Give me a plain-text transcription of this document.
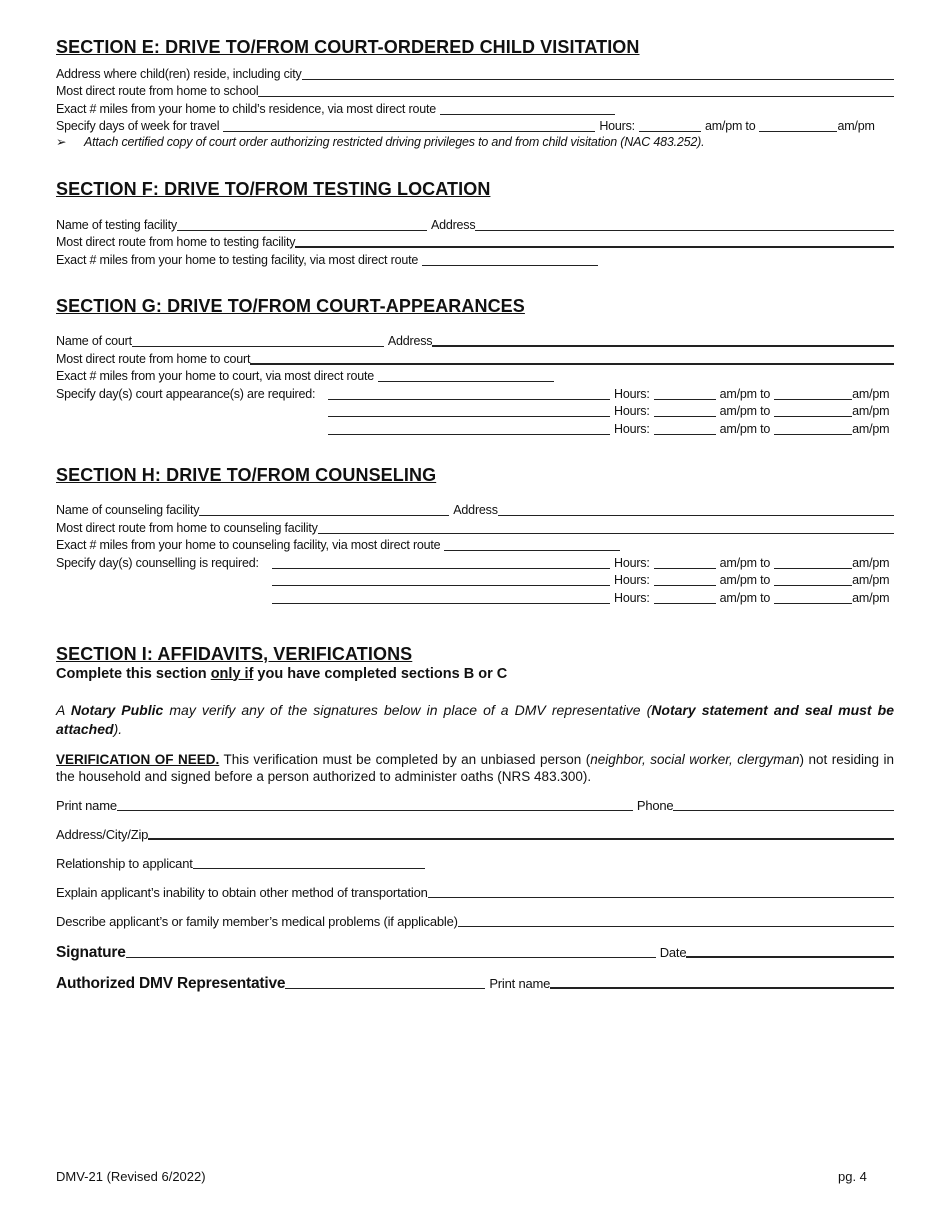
SECTION E: DRIVE TO/FROM COURT-ORDERED CHILD VISITATION
Address where child(ren) reside, including city
Most direct route from home to school
Exact # miles from your home to child’s residence, via most direct route
Specify days of week for travel	Hours:	am/pm to	am/pm
➢	Attach certified copy of court order authorizing restricted driving privileges to and from child visitation (NAC 483.252).
SECTION F: DRIVE TO/FROM TESTING LOCATION
Name of testing facility	Address
Most direct route from home to testing facility
Exact # miles from your home to testing facility, via most direct route
SECTION G: DRIVE TO/FROM COURT-APPEARANCES
Name of court	Address
Most direct route from home to court
Exact # miles from your home to court, via most direct route
Specify day(s) court appearance(s) are required:	Hours:	am/pm to	am/pm
Hours:	am/pm to	am/pm
Hours:	am/pm to	am/pm
SECTION H: DRIVE TO/FROM COUNSELING
Name of counseling facility	Address
Most direct route from home to counseling facility
Exact # miles from your home to counseling facility, via most direct route
Specify day(s) counselling is required:	Hours:	am/pm to	am/pm
Hours:	am/pm to	am/pm
Hours:	am/pm to	am/pm
SECTION I: AFFIDAVITS, VERIFICATIONS
Complete this section only if you have completed sections B or C
A Notary Public may verify any of the signatures below in place of a DMV representative (Notary statement and seal must be attached).
VERIFICATION OF NEED. This verification must be completed by an unbiased person (neighbor, social worker, clergyman) not residing in the household and signed before a person authorized to administer oaths (NRS 483.300).
Print name	Phone
Address/City/Zip
Relationship to applicant
Explain applicant’s inability to obtain other method of transportation
Describe applicant’s or family member’s medical problems (if applicable)
Signature	Date
Authorized DMV Representative	Print name
DMV-21 (Revised 6/2022)	pg. 4
